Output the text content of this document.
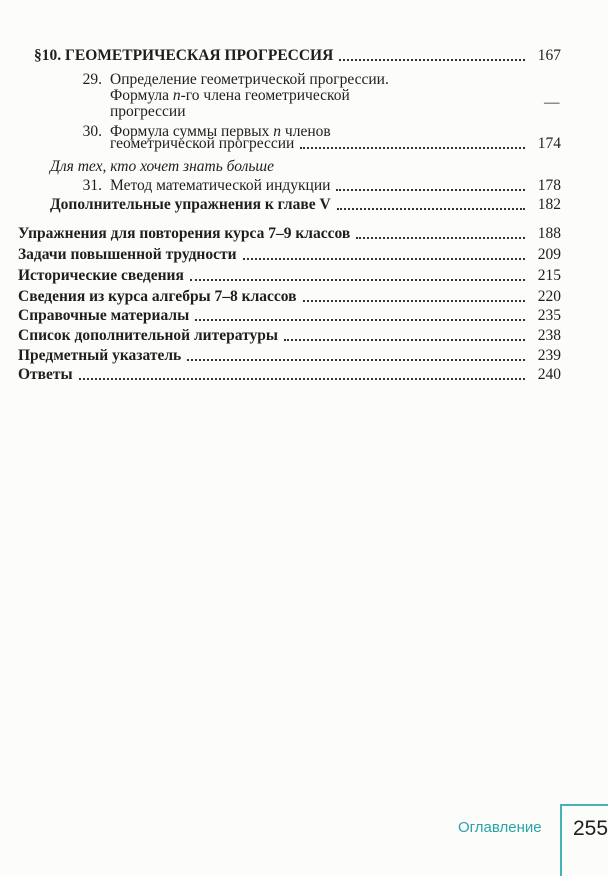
§10. ГЕОМЕТРИЧЕСКАЯ ПРОГРЕССИЯ	167
29. Определение геометрической прогрессии.
Формула n-го члена геометрической
прогрессии
—
30. Формула суммы первых n членов
геометрической прогрессии	174
Для тех, кто хочет знать больше
31. Метод математической индукции	178
Дополнительные упражнения к главе V	182
Упражнения для повторения курса 7–9 классов	188
Задачи повышенной трудности	209
Исторические сведения	215
Сведения из курса алгебры 7–8 классов	220
Справочные материалы	235
Список дополнительной литературы	238
Предметный указатель	239
Ответы	240
Оглавление 255
